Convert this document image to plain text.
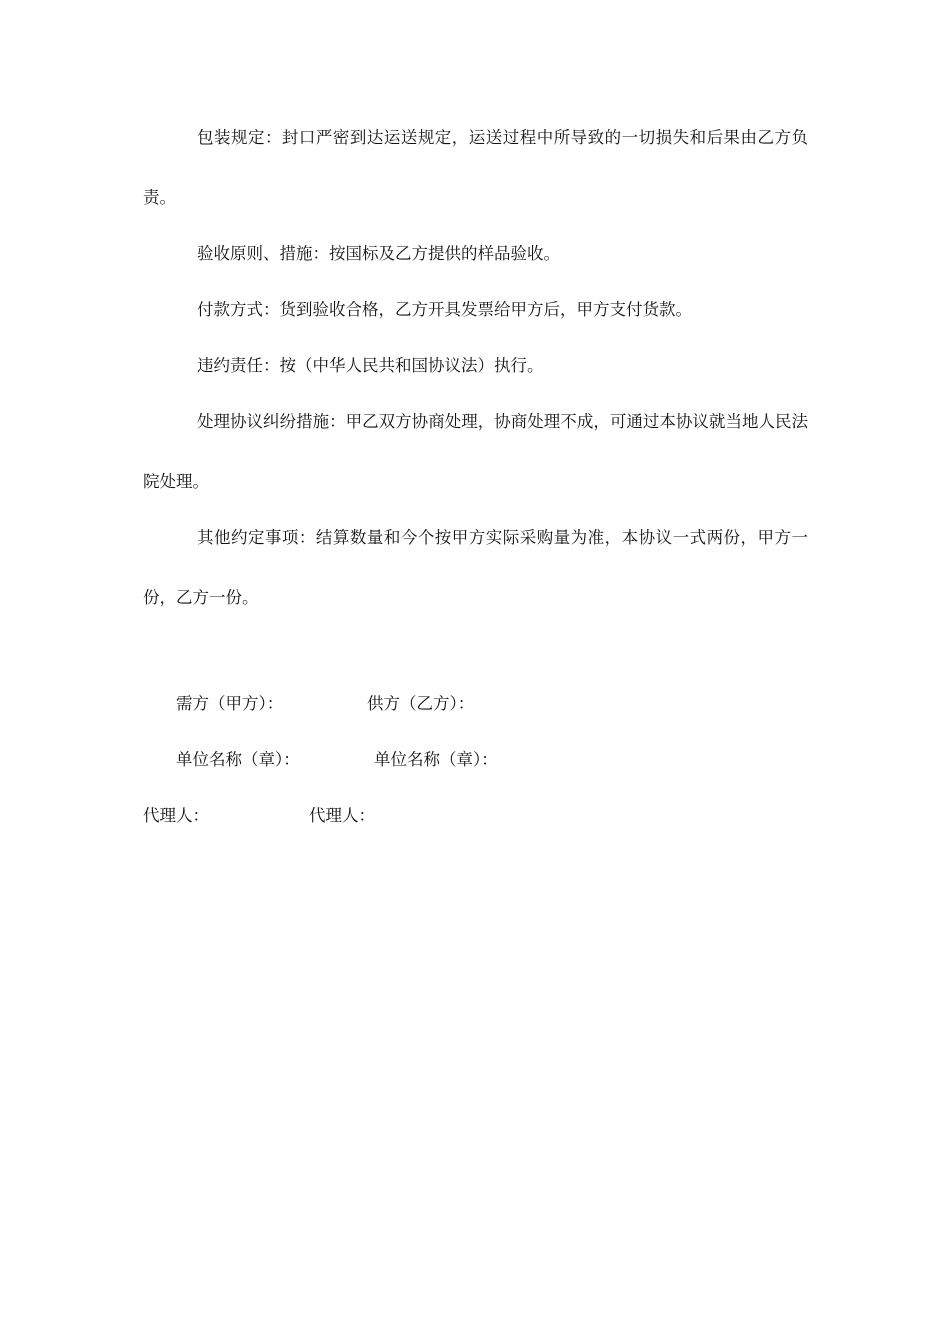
包装规定：封口严密到达运送规定，运送过程中所导致的一切损失和后果由乙方负责。

验收原则、措施：按国标及乙方提供的样品验收。

付款方式：货到验收合格，乙方开具发票给甲方后，甲方支付货款。

违约责任：按（中华人民共和国协议法）执行。

处理协议纠纷措施：甲乙双方协商处理，协商处理不成，可通过本协议就当地人民法院处理。

其他约定事项：结算数量和今个按甲方实际采购量为准，本协议一式两份，甲方一份，乙方一份。

需方（甲方）：	供方（乙方）：
单位名称（章）：	单位名称（章）：
代理人：	代理人：
